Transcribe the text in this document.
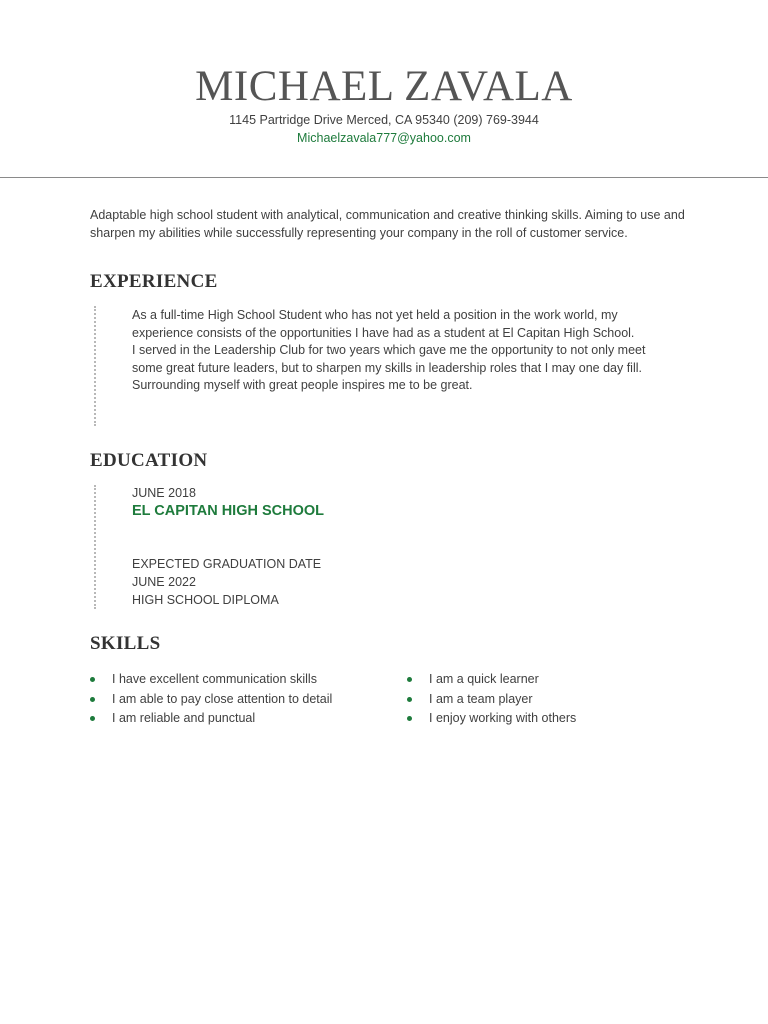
MICHAEL ZAVALA
1145 Partridge Drive Merced, CA 95340 (209) 769-3944
Michaelzavala777@yahoo.com
Adaptable high school student with analytical, communication and creative thinking skills. Aiming to use and sharpen my abilities while successfully representing your company in the roll of customer service.
EXPERIENCE
As a full-time High School Student who has not yet held a position in the work world, my
experience consists of the opportunities I have had as a student at El Capitan High School.
I served in the Leadership Club for two years which gave me the opportunity to not only meet
some great future leaders, but to sharpen my skills in leadership roles that I may one day fill.
Surrounding myself with great people inspires me to be great.
EDUCATION
JUNE 2018
EL CAPITAN HIGH SCHOOL
EXPECTED GRADUATION DATE
JUNE 2022
HIGH SCHOOL DIPLOMA
SKILLS
I have excellent communication skills
I am able to pay close attention to detail
I am reliable and punctual
I am a quick learner
I am a team player
I enjoy working with others
